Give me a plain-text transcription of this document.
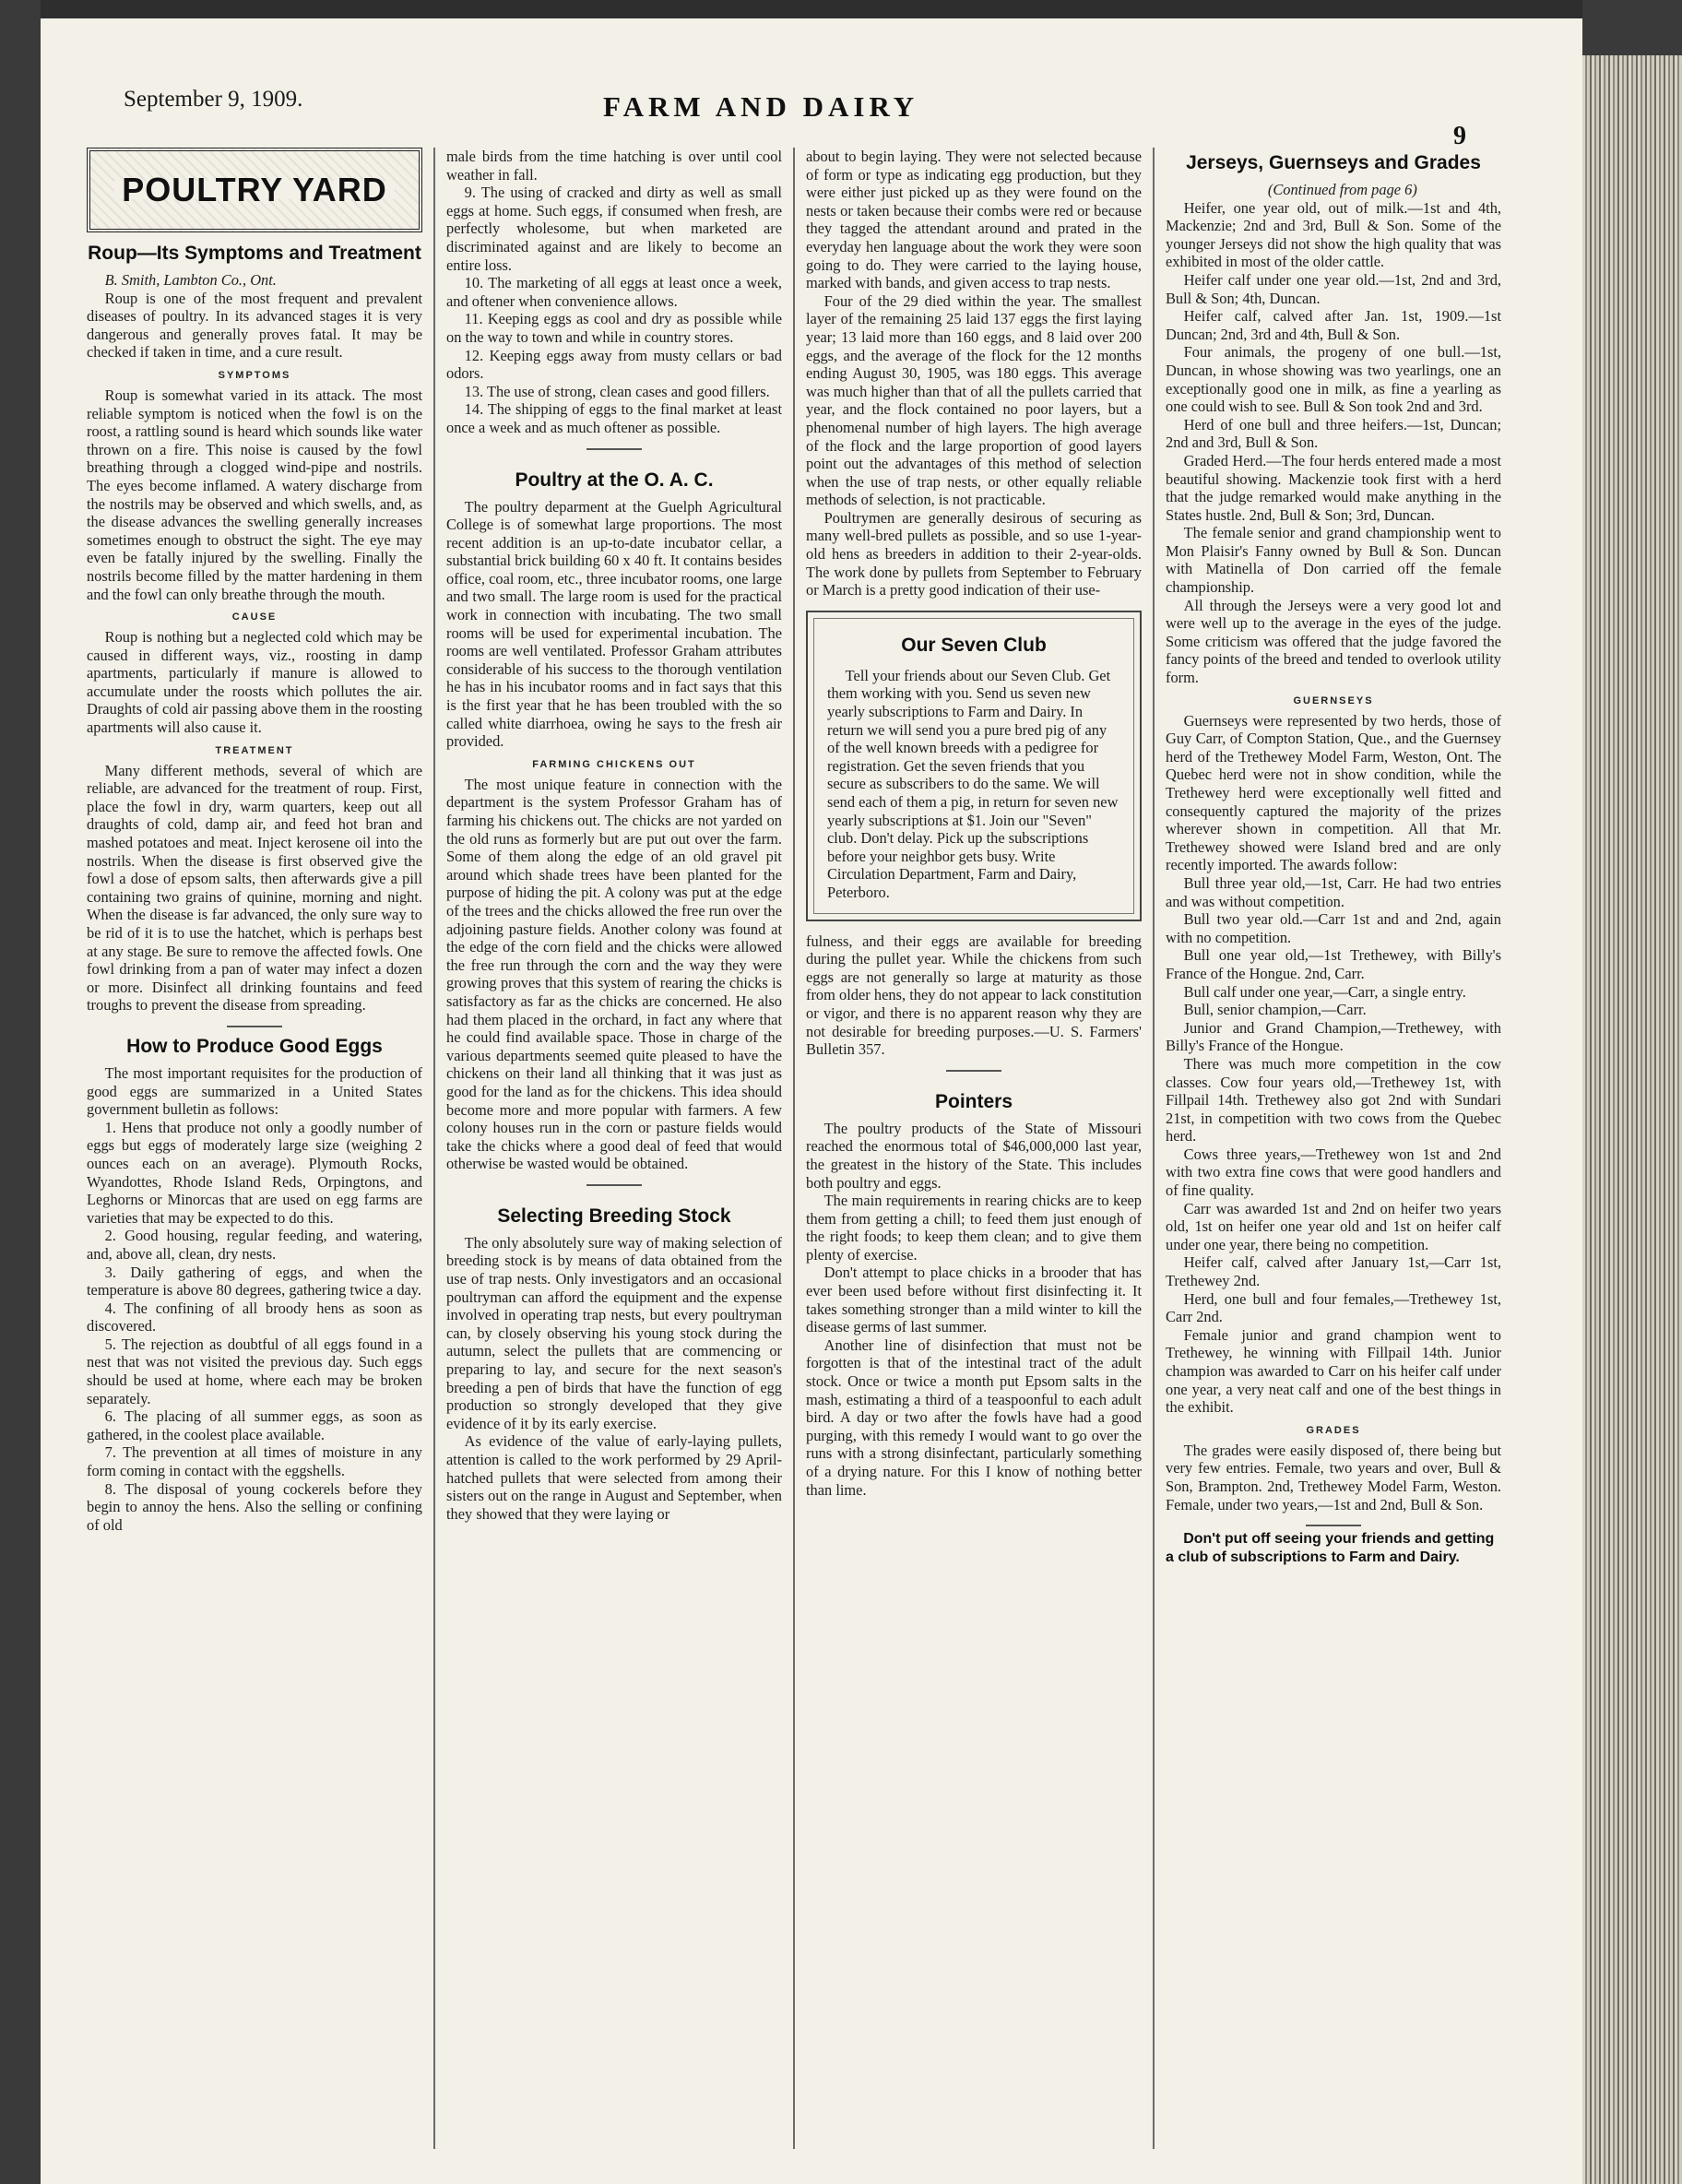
September 9, 1909.	FARM AND DAIRY
9
POULTRY YARD
Roup—Its Symptoms and Treatment

B. Smith, Lambton Co., Ont.

Roup is one of the most frequent and prevalent diseases of poultry. In its advanced stages it is very dangerous and generally proves fatal. It may be checked if taken in time, and a cure result.

SYMPTOMS

Roup is somewhat varied in its attack. The most reliable symptom is noticed when the fowl is on the roost, a rattling sound is heard which sounds like water thrown on a fire. This noise is caused by the fowl breathing through a clogged wind-pipe and nostrils. The eyes become inflamed. A watery discharge from the nostrils may be observed and which swells, and, as the disease advances the swelling generally increases sometimes enough to obstruct the sight. The eye may even be fatally injured by the swelling. Finally the nostrils become filled by the matter hardening in them and the fowl can only breathe through the mouth.

CAUSE

Roup is nothing but a neglected cold which may be caused in different ways, viz., roosting in damp apartments, particularly if manure is allowed to accumulate under the roosts which pollutes the air. Draughts of cold air passing above them in the roosting apartments will also cause it.

TREATMENT

Many different methods, several of which are reliable, are advanced for the treatment of roup. First, place the fowl in dry, warm quarters, keep out all draughts of cold, damp air, and feed hot bran and mashed potatoes and meat. Inject kerosene oil into the nostrils. When the disease is first observed give the fowl a dose of epsom salts, then afterwards give a pill containing two grains of quinine, morning and night. When the disease is far advanced, the only sure way to be rid of it is to use the hatchet, which is perhaps best at any stage. Be sure to remove the affected fowls. One fowl drinking from a pan of water may infect a dozen or more. Disinfect all drinking fountains and feed troughs to prevent the disease from spreading.

How to Produce Good Eggs

The most important requisites for the production of good eggs are summarized in a United States government bulletin as follows:

1. Hens that produce not only a goodly number of eggs but eggs of moderately large size (weighing 2 ounces each on an average). Plymouth Rocks, Wyandottes, Rhode Island Reds, Orpingtons, and Leghorns or Minorcas that are used on egg farms are varieties that may be expected to do this.

2. Good housing, regular feeding, and watering, and, above all, clean, dry nests.

3. Daily gathering of eggs, and when the temperature is above 80 degrees, gathering twice a day.

4. The confining of all broody hens as soon as discovered.

5. The rejection as doubtful of all eggs found in a nest that was not visited the previous day. Such eggs should be used at home, where each may be broken separately.

6. The placing of all summer eggs, as soon as gathered, in the coolest place available.

7. The prevention at all times of moisture in any form coming in contact with the eggshells.

8. The disposal of young cockerels before they begin to annoy the hens. Also the selling or confining of old

male birds from the time hatching is over until cool weather in fall.

9. The using of cracked and dirty as well as small eggs at home. Such eggs, if consumed when fresh, are perfectly wholesome, but when marketed are discriminated against and are likely to become an entire loss.

10. The marketing of all eggs at least once a week, and oftener when convenience allows.

11. Keeping eggs as cool and dry as possible while on the way to town and while in country stores.

12. Keeping eggs away from musty cellars or bad odors.

13. The use of strong, clean cases and good fillers.

14. The shipping of eggs to the final market at least once a week and as much oftener as possible.

Poultry at the O. A. C.

The poultry deparment at the Guelph Agricultural College is of somewhat large proportions. The most recent addition is an up-to-date incubator cellar, a substantial brick building 60 x 40 ft. It contains besides office, coal room, etc., three incubator rooms, one large and two small. The large room is used for the practical work in connection with incubating. The two small rooms will be used for experimental incubation. The rooms are well ventilated. Professor Graham attributes considerable of his success to the thorough ventilation he has in his incubator rooms and in fact says that this is the first year that he has been troubled with the so called white diarrhoea, owing he says to the fresh air provided.

FARMING CHICKENS OUT

The most unique feature in connection with the department is the system Professor Graham has of farming his chickens out. The chicks are not yarded on the old runs as formerly but are put out over the farm. Some of them along the edge of an old gravel pit around which shade trees have been planted for the purpose of hiding the pit. A colony was put at the edge of the trees and the chicks allowed the free run over the adjoining pasture fields. Another colony was found at the edge of the corn field and the chicks were allowed the free run through the corn and the way they were growing proves that this system of rearing the chicks is satisfactory as far as the chicks are concerned. He also had them placed in the orchard, in fact any where that he could find available space. Those in charge of the various departments seemed quite pleased to have the chickens on their land all thinking that it was just as good for the land as for the chickens. This idea should become more and more popular with farmers. A few colony houses run in the corn or pasture fields would take the chicks where a good deal of feed that would otherwise be wasted would be obtained.

Selecting Breeding Stock

The only absolutely sure way of making selection of breeding stock is by means of data obtained from the use of trap nests. Only investigators and an occasional poultryman can afford the equipment and the expense involved in operating trap nests, but every poultryman can, by closely observing his young stock during the autumn, select the pullets that are commencing or preparing to lay, and secure for the next season's breeding a pen of birds that have the function of egg production so strongly developed that they give evidence of it by its early exercise.

As evidence of the value of early-laying pullets, attention is called to the work performed by 29 April-hatched pullets that were selected from among their sisters out on the range in August and September, when they showed that they were laying or

about to begin laying. They were not selected because of form or type as indicating egg production, but they were either just picked up as they were found on the nests or taken because their combs were red or because they tagged the attendant around and prated in the everyday hen language about the work they were soon going to do. They were carried to the laying house, marked with bands, and given access to trap nests.

Four of the 29 died within the year. The smallest layer of the remaining 25 laid 137 eggs the first laying year; 13 laid more than 160 eggs, and 8 laid over 200 eggs, and the average of the flock for the 12 months ending August 30, 1905, was 180 eggs. This average was much higher than that of all the pullets carried that year, and the flock contained no poor layers, but a phenomenal number of high layers. The high average of the flock and the large proportion of good layers point out the advantages of this method of selection when the use of trap nests, or other equally reliable methods of selection, is not practicable.

Poultrymen are generally desirous of securing as many well-bred pullets as possible, and so use 1-year-old hens as breeders in addition to their 2-year-olds. The work done by pullets from September to February or March is a pretty good indication of their use-

Our Seven Club

Tell your friends about our Seven Club. Get them working with you. Send us seven new yearly subscriptions to Farm and Dairy. In return we will send you a pure bred pig of any of the well known breeds with a pedigree for registration. Get the seven friends that you secure as subscribers to do the same. We will send each of them a pig, in return for seven new yearly subscriptions at $1. Join our "Seven" club. Don't delay. Pick up the subscriptions before your neighbor gets busy. Write Circulation Department, Farm and Dairy, Peterboro.

fulness, and their eggs are available for breeding during the pullet year. While the chickens from such eggs are not generally so large at maturity as those from older hens, they do not appear to lack constitution or vigor, and there is no apparent reason why they are not desirable for breeding purposes.—U. S. Farmers' Bulletin 357.

Pointers

The poultry products of the State of Missouri reached the enormous total of $46,000,000 last year, the greatest in the history of the State. This includes both poultry and eggs.

The main requirements in rearing chicks are to keep them from getting a chill; to feed them just enough of the right foods; to keep them clean; and to give them plenty of exercise.

Don't attempt to place chicks in a brooder that has ever been used before without first disinfecting it. It takes something stronger than a mild winter to kill the disease germs of last summer.

Another line of disinfection that must not be forgotten is that of the intestinal tract of the adult stock. Once or twice a month put Epsom salts in the mash, estimating a third of a teaspoonful to each adult bird. A day or two after the fowls have had a good purging, with this remedy I would want to go over the runs with a strong disinfectant, particularly something of a drying nature. For this I know of nothing better than lime.

Jerseys, Guernseys and Grades

(Continued from page 6)

Heifer, one year old, out of milk.—1st and 4th, Mackenzie; 2nd and 3rd, Bull & Son. Some of the younger Jerseys did not show the high quality that was exhibited in most of the older cattle.

Heifer calf under one year old.—1st, 2nd and 3rd, Bull & Son; 4th, Duncan.

Heifer calf, calved after Jan. 1st, 1909.—1st Duncan; 2nd, 3rd and 4th, Bull & Son.

Four animals, the progeny of one bull.—1st, Duncan, in whose showing was two yearlings, one an exceptionally good one in milk, as fine a yearling as one could wish to see. Bull & Son took 2nd and 3rd.

Herd of one bull and three heifers.—1st, Duncan; 2nd and 3rd, Bull & Son.

Graded Herd.—The four herds entered made a most beautiful showing. Mackenzie took first with a herd that the judge remarked would make anything in the States hustle. 2nd, Bull & Son; 3rd, Duncan.

The female senior and grand championship went to Mon Plaisir's Fanny owned by Bull & Son. Duncan with Matinella of Don carried off the female championship.

All through the Jerseys were a very good lot and were well up to the average in the eyes of the judge. Some criticism was offered that the judge favored the fancy points of the breed and tended to overlook utility form.

GUERNSEYS

Guernseys were represented by two herds, those of Guy Carr, of Compton Station, Que., and the Guernsey herd of the Trethewey Model Farm, Weston, Ont. The Quebec herd were not in show condition, while the Trethewey herd were exceptionally well fitted and consequently captured the majority of the prizes wherever shown in competition. All that Mr. Trethewey showed were Island bred and are only recently imported. The awards follow:

Bull three year old,—1st, Carr. He had two entries and was without competition.

Bull two year old.—Carr 1st and and 2nd, again with no competition.

Bull one year old,—1st Trethewey, with Billy's France of the Hongue. 2nd, Carr.

Bull calf under one year,—Carr, a single entry.

Bull, senior champion,—Carr.

Junior and Grand Champion,—Trethewey, with Billy's France of the Hongue.

There was much more competition in the cow classes. Cow four years old,—Trethewey 1st, with Fillpail 14th. Trethewey also got 2nd with Sundari 21st, in competition with two cows from the Quebec herd.

Cows three years,—Trethewey won 1st and 2nd with two extra fine cows that were good handlers and of fine quality.

Carr was awarded 1st and 2nd on heifer two years old, 1st on heifer one year old and 1st on heifer calf under one year, there being no competition.

Heifer calf, calved after January 1st,—Carr 1st, Trethewey 2nd.

Herd, one bull and four females,—Trethewey 1st, Carr 2nd.

Female junior and grand champion went to Trethewey, he winning with Fillpail 14th. Junior champion was awarded to Carr on his heifer calf under one year, a very neat calf and one of the best things in the exhibit.

GRADES

The grades were easily disposed of, there being but very few entries. Female, two years and over, Bull & Son, Brampton. 2nd, Trethewey Model Farm, Weston. Female, under two years,—1st and 2nd, Bull & Son.

Don't put off seeing your friends and getting a club of subscriptions to Farm and Dairy.
